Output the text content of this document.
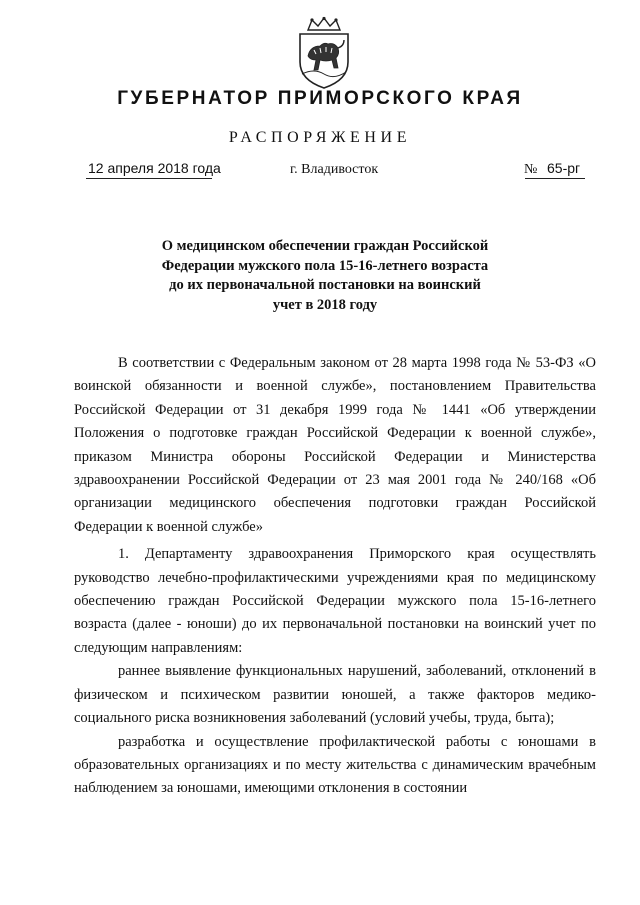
ГУБЕРНАТОР ПРИМОРСКОГО КРАЯ
РАСПОРЯЖЕНИЕ
12 апреля 2018 года	г. Владивосток	№ 65-рг
О медицинском обеспечении граждан Российской
Федерации мужского пола 15-16-летнего возраста
до их первоначальной постановки на воинский
учет в 2018 году

В соответствии с Федеральным законом от 28 марта 1998 года № 53-ФЗ «О воинской обязанности и военной службе», постановлением Правительства Российской Федерации от 31 декабря 1999 года № 1441 «Об утверждении Положения о подготовке граждан Российской Федерации к военной службе», приказом Министра обороны Российской Федерации и Министерства здравоохранении Российской Федерации от 23 мая 2001 года № 240/168 «Об организации медицинского обеспечения подготовки граждан Российской Федерации к военной службе»

1. Департаменту здравоохранения Приморского края осуществлять руководство лечебно-профилактическими учреждениями края по медицинскому обеспечению граждан Российской Федерации мужского пола 15-16-летнего возраста (далее - юноши) до их первоначальной постановки на воинский учет по следующим направлениям:

раннее выявление функциональных нарушений, заболеваний, отклонений в физическом и психическом развитии юношей, а также факторов медико-социального риска возникновения заболеваний (условий учебы, труда, быта);

разработка и осуществление профилактической работы с юношами в образовательных организациях и по месту жительства с динамическим врачебным наблюдением за юношами, имеющими отклонения в состоянии
